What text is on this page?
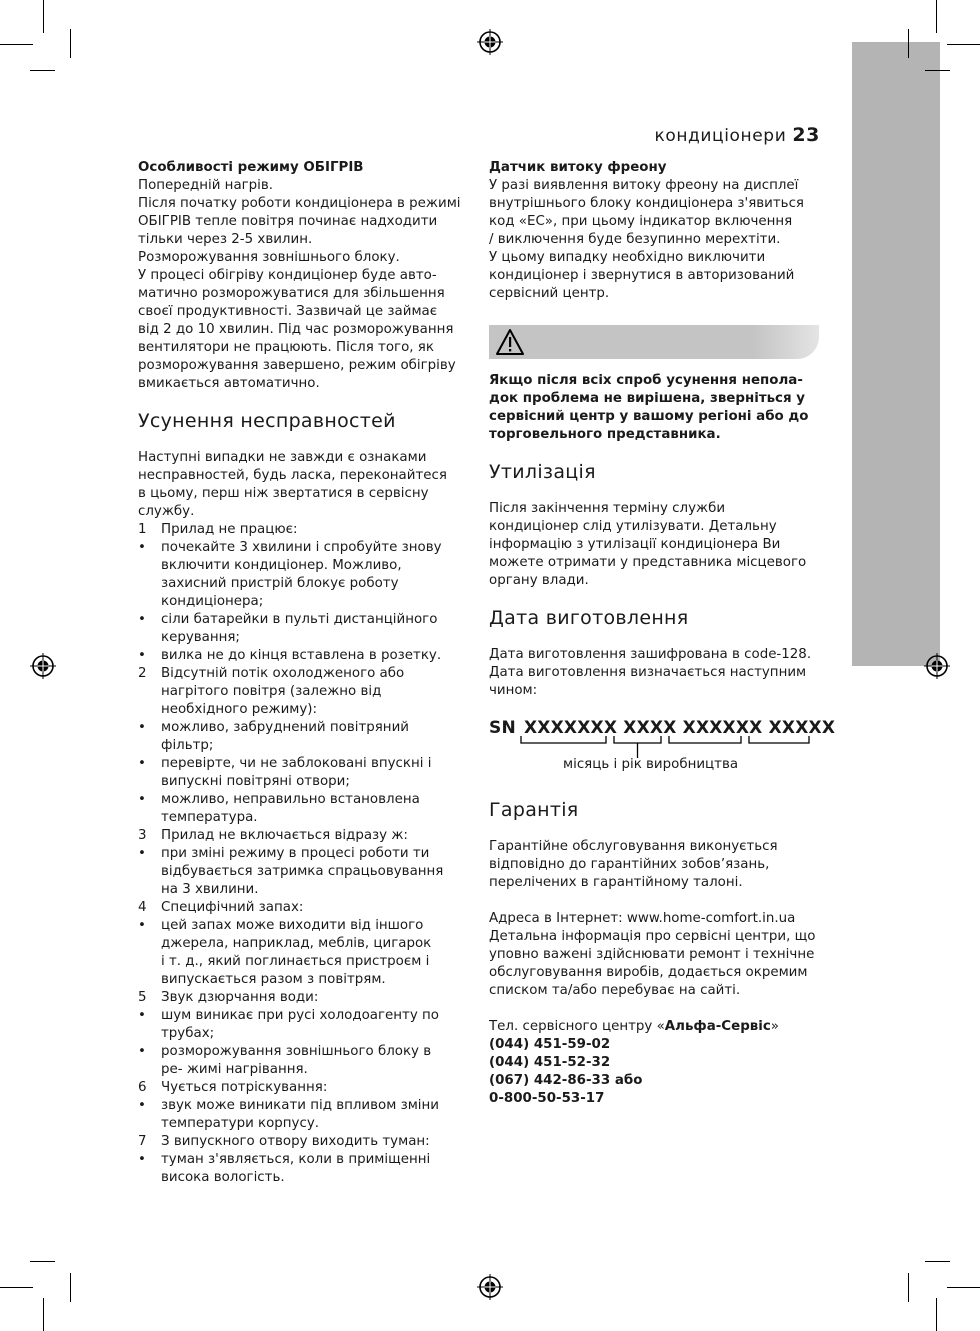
кондиціонери 23

Особливості режиму ОБІГРІВ

Попередній нагрів.

Після початку роботи кондиціонера в режимі

ОБІГРІВ тепле повітря починає надходити

тільки через 2-5 хвилин.

Розморожування зовнішнього блоку.

У процесі обігріву кондиціонер буде авто-

матично розморожуватися для збільшення

своєї продуктивності. Зазвичай це займає

від 2 до 10 хвилин. Під час розморожування

вентилятори не працюють. Після того, як

розморожування завершено, режим обігріву

вмикається автоматично.

Усунення несправностей

Наступні випадки не завжди є ознаками

несправностей, будь ласка, переконайтеся

в цьому, перш ніж звертатися в сервісну

службу.

1 Прилад не працює:

• почекайте 3 хвилини і спробуйте знову

включити кондиціонер. Можливо,

захисний пристрій блокує роботу

кондиціонера;

• сіли батарейки в пульті дистанційного

керування;

• вилка не до кінця вставлена в розетку.

2 Відсутній потік охолодженого або

нагрітого повітря (залежно від

необхідного режиму):

• можливо, забруднений повітряний

фільтр;

• перевірте, чи не заблоковані впускні і

випускні повітряні отвори;

• можливо, неправильно встановлена

температура.

3 Прилад не включається відразу ж:

• при зміні режиму в процесі роботи ти

відбувається затримка спрацьовування

на 3 хвилини.

4 Специфічний запах:

• цей запах може виходити від іншого

джерела, наприклад, меблів, цигарок

і т. д., який поглинається пристроєм і

випускається разом з повітрям.

5 Звук дзюрчання води:

• шум виникає при русі холодоагенту по

трубах;

• розморожування зовнішнього блоку в

ре- жимі нагрівання.

6 Чується потріскування:

• звук може виникати під впливом зміни

температури корпусу.

7 З випускного отвору виходить туман:

• туман з'являється, коли в приміщенні

висока вологість.

Датчик витоку фреону

У разі виявлення витоку фреону на дисплеї

внутрішнього блоку кондиціонера з'явиться

код «ЕС», при цьому індикатор включення

/ виключення буде безупинно мерехтіти.

У цьому випадку необхідно виключити

кондиціонер і звернутися в авторизований

сервісний центр.

Якщо після всіх спроб усунення непола-

док проблема не вирішена, зверніться у

сервісний центр у вашому регіоні або до

торговельного представника.

Утилізація

Після закінчення терміну служби

кондиціонер слід утилізувати. Детальну

інформацію з утилізації кондиціонера Ви

можете отримати у представника місцевого

органу влади.

Дата виготовлення

Дата виготовлення зашифрована в code-128.

Дата виготовлення визначається наступним

чином:

SN XXXXXXX XXXX XXXXXX XXXXX
місяць і рік виробництва
Гарантія

Гарантійне обслуговування виконується

відповідно до гарантійних зобов’язань,

перелічених в гарантійному талоні.

Адреса в Інтернет: www.home-comfort.in.ua

Детальна інформація про сервісні центри, що

уповно важені здійснювати ремонт і технічне

обслуговування виробів, додається окремим

списком та/або перебуває на сайті.

Тел. сервісного центру «Альфа-Сервіс»

(044) 451-59-02

(044) 451-52-32

(067) 442-86-33 або

0-800-50-53-17
